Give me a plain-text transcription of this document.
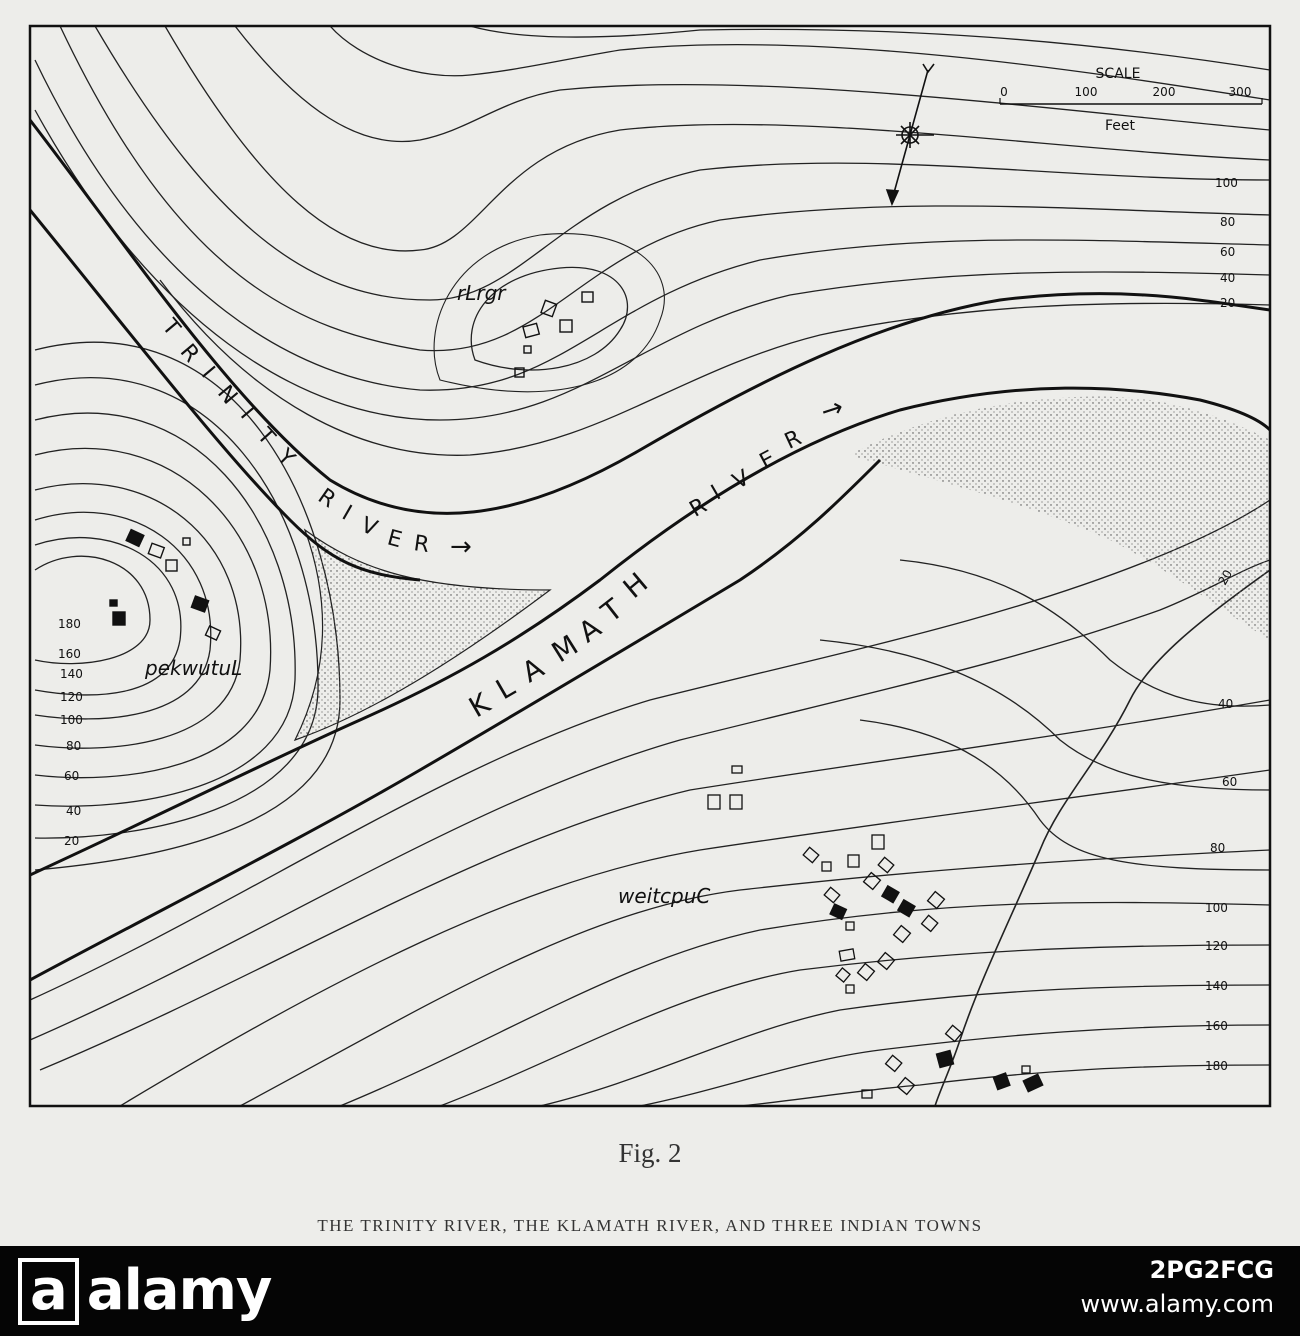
SCALE
0	100	200	300
Feet
100
80
60
40
20
180
160
140
120
100
80
60
40
20
20
40
60
80
100
120
140
160
180
T
R
I
N
I
T
Y
R
I V E R →
R
I V
E
R
→
K
L
A
M
A
T
H
rLrgr
pekwutuL
weitcpuC
Fig. 2
THE TRINITY RIVER, THE KLAMATH RIVER, AND THREE INDIAN TOWNS
a alamy	2PG2FCG
www.alamy.com
